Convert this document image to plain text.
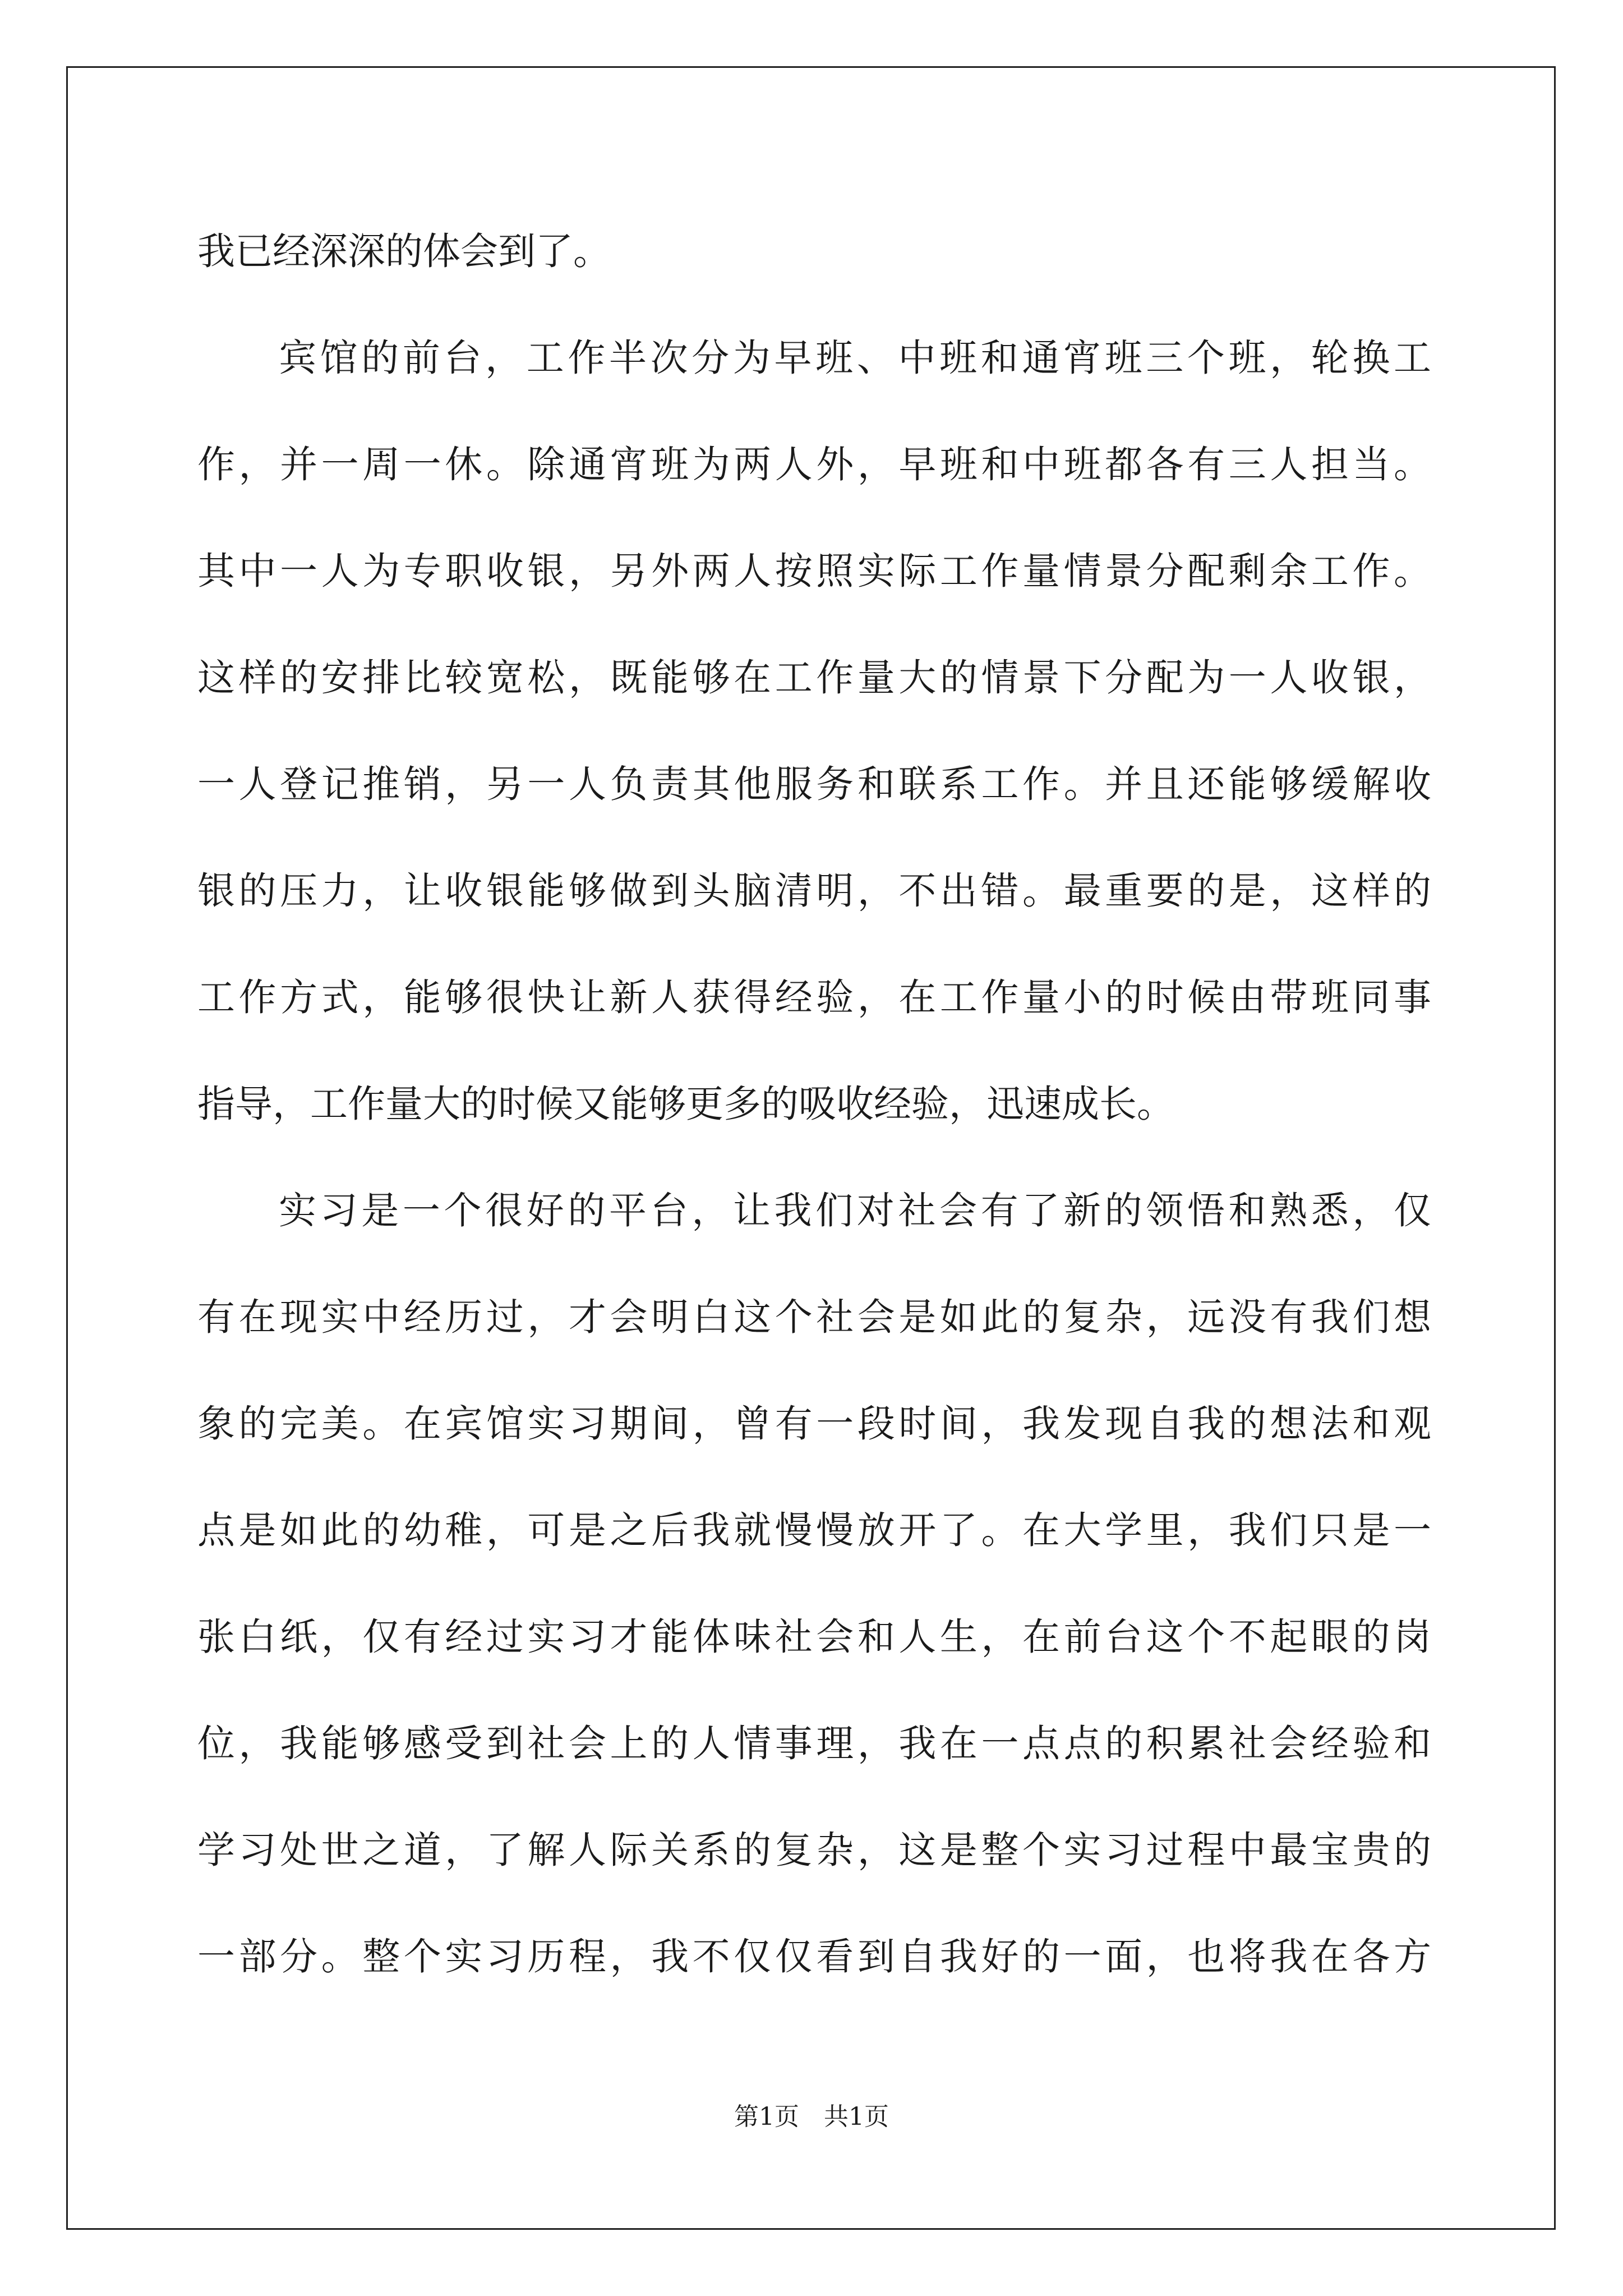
我已经深深的体会到了。
宾馆的前台，工作半次分为早班、中班和通宵班三个班，轮换工
作，并一周一休。除通宵班为两人外，早班和中班都各有三人担当。
其中一人为专职收银，另外两人按照实际工作量情景分配剩余工作。
这样的安排比较宽松，既能够在工作量大的情景下分配为一人收银，
一人登记推销，另一人负责其他服务和联系工作。并且还能够缓解收
银的压力，让收银能够做到头脑清明，不出错。最重要的是，这样的
工作方式，能够很快让新人获得经验，在工作量小的时候由带班同事
指导，工作量大的时候又能够更多的吸收经验，迅速成长。
实习是一个很好的平台，让我们对社会有了新的领悟和熟悉，仅
有在现实中经历过，才会明白这个社会是如此的复杂，远没有我们想
象的完美。在宾馆实习期间，曾有一段时间，我发现自我的想法和观
点是如此的幼稚，可是之后我就慢慢放开了。在大学里，我们只是一
张白纸，仅有经过实习才能体味社会和人生，在前台这个不起眼的岗
位，我能够感受到社会上的人情事理，我在一点点的积累社会经验和
学习处世之道，了解人际关系的复杂，这是整个实习过程中最宝贵的
一部分。整个实习历程，我不仅仅看到自我好的一面，也将我在各方
第1页 共1页
